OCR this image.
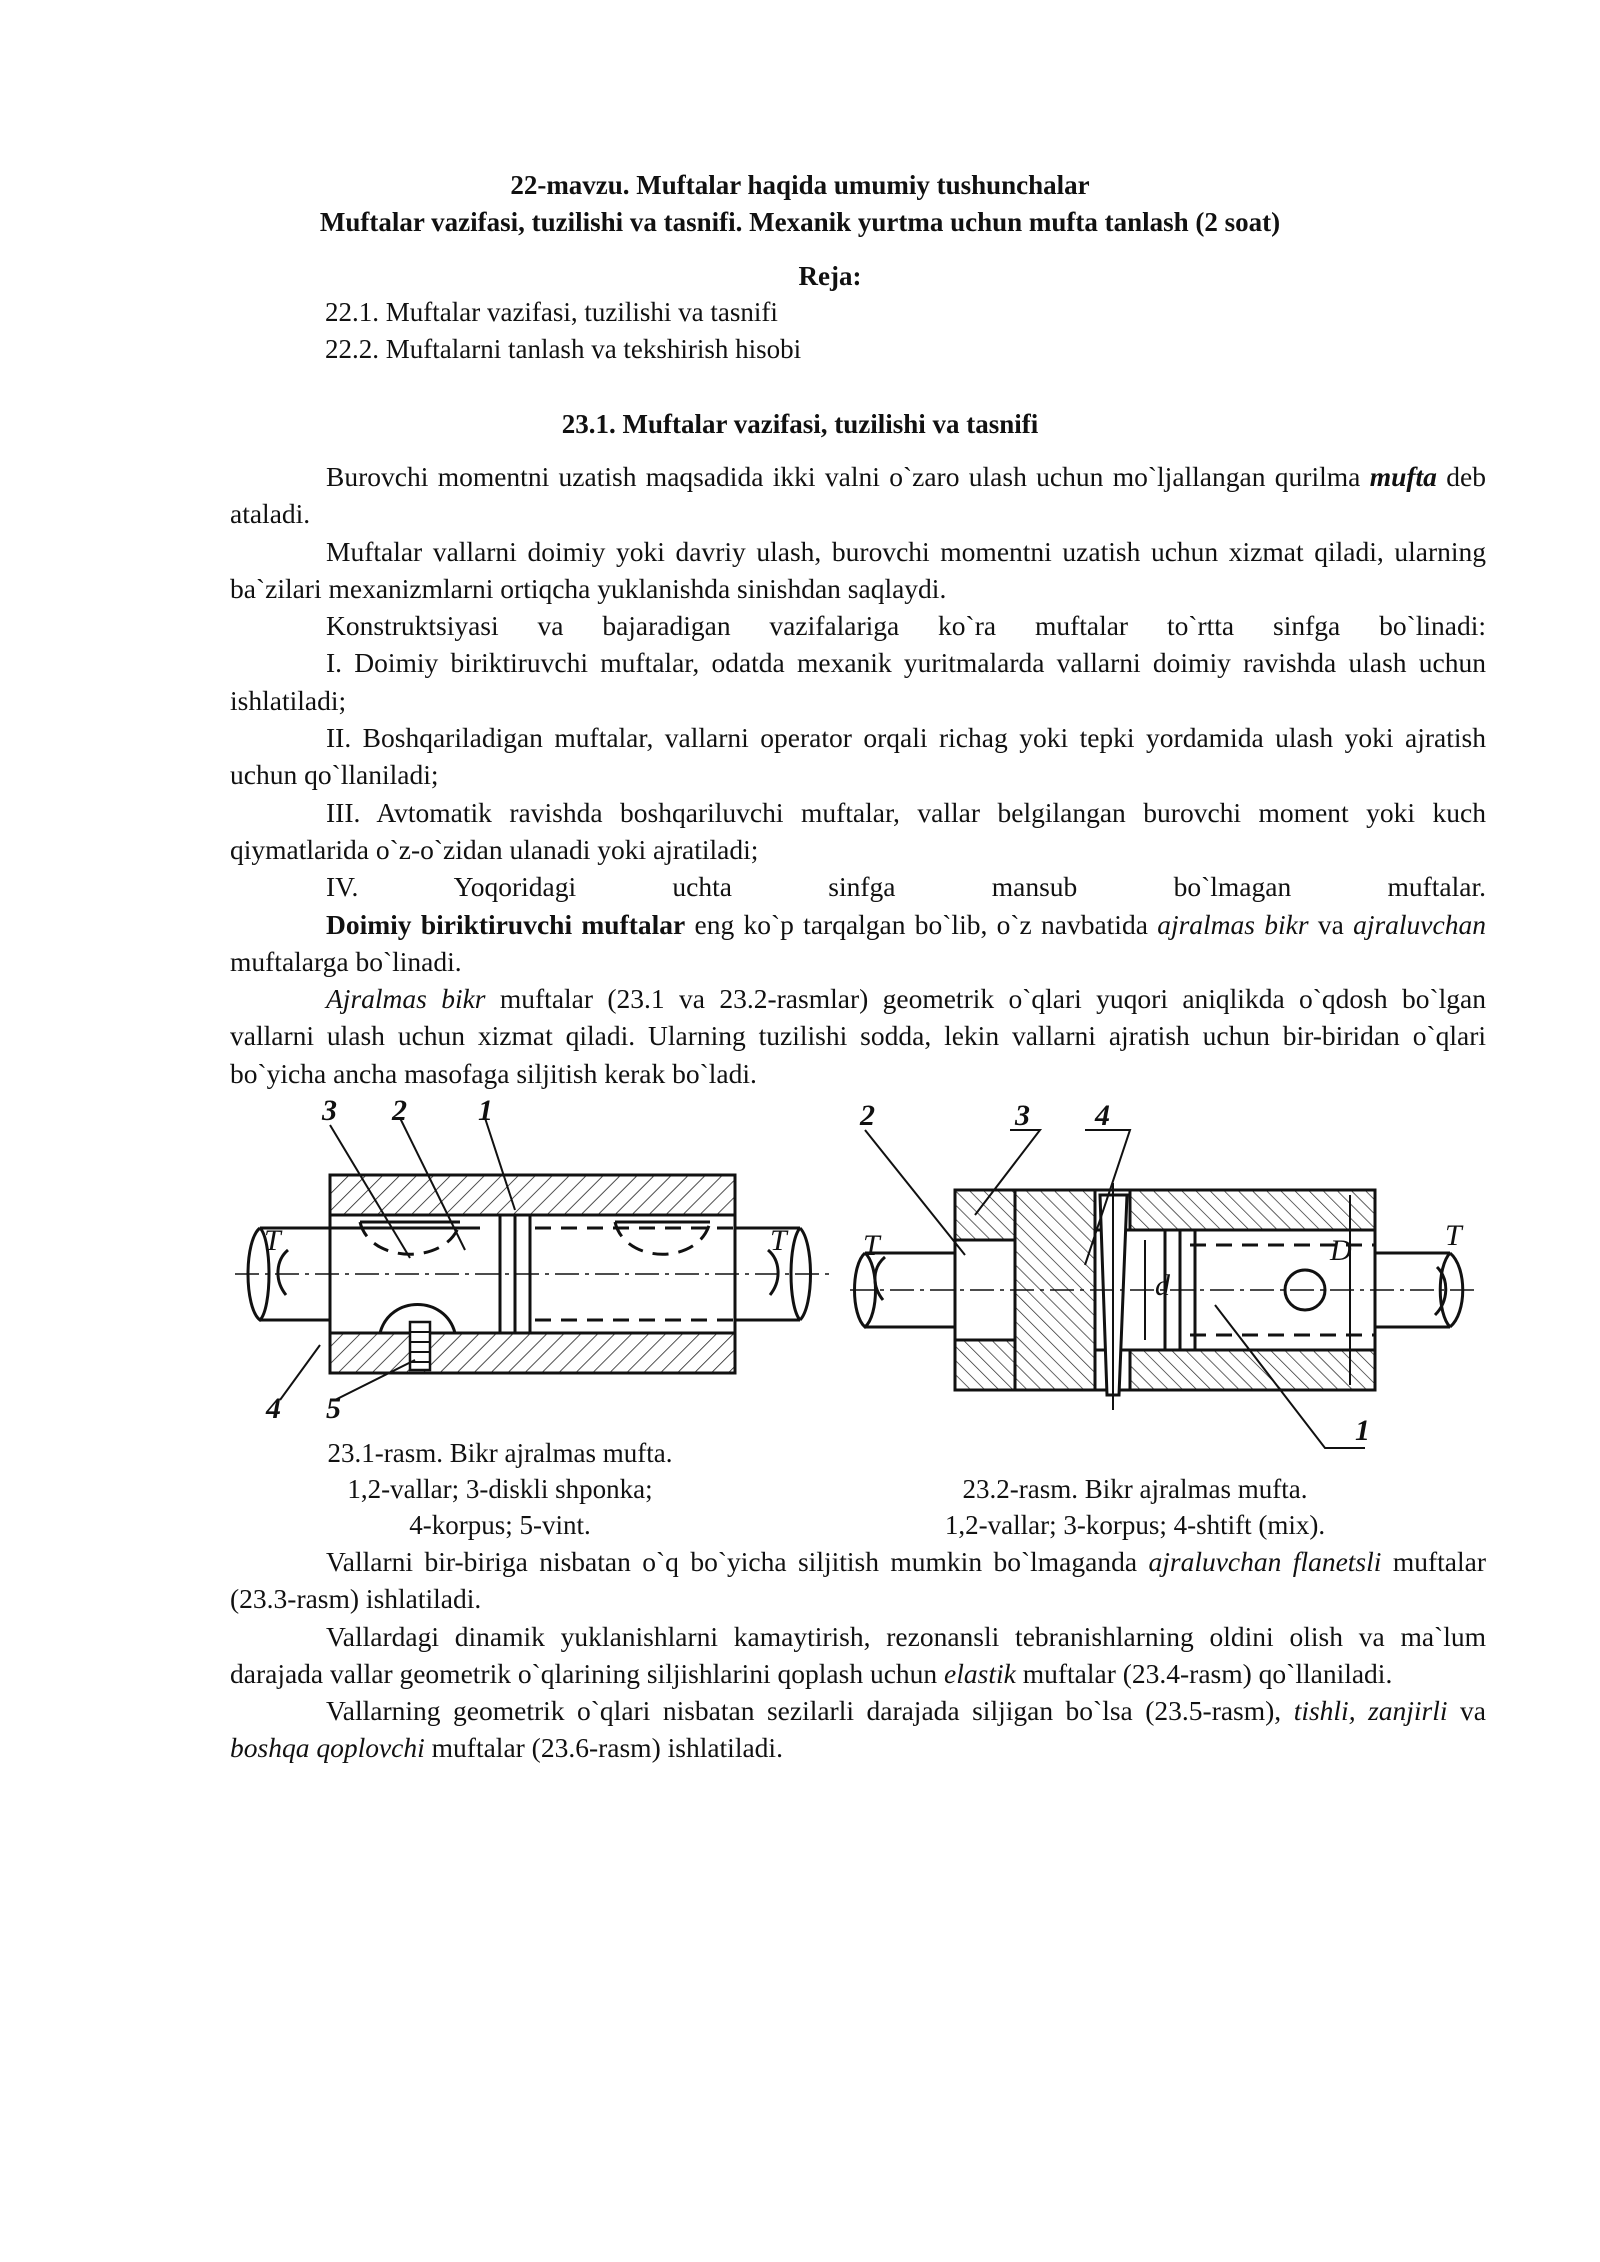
22-mavzu. Muftalar haqida umumiy tushunchalar
Muftalar vazifasi, tuzilishi va tasnifi. Mexanik yurtma uchun mufta tanlash (2 soat)
Reja:
22.1. Muftalar vazifasi, tuzilishi va tasnifi
22.2. Muftalarni tanlash va tekshirish hisobi
23.1. Muftalar vazifasi, tuzilishi va tasnifi

Burovchi momentni uzatish maqsadida ikki valni o`zaro ulash uchun mo`ljallangan qurilma mufta deb ataladi.

Muftalar vallarni doimiy yoki davriy ulash, burovchi momentni uzatish uchun xizmat qiladi, ularning ba`zilari mexanizmlarni ortiqcha yuklanishda sinishdan saqlaydi.

Konstruktsiyasi va bajaradigan vazifalariga ko`ra muftalar to`rtta sinfga bo`linadi:

I. Doimiy biriktiruvchi muftalar, odatda mexanik yuritmalarda vallarni doimiy ravishda ulash uchun ishlatiladi;

II. Boshqariladigan muftalar, vallarni operator orqali richag yoki tepki yordamida ulash yoki ajratish uchun qo`llaniladi;

III. Avtomatik ravishda boshqariluvchi muftalar, vallar belgilangan burovchi moment yoki kuch qiymatlarida o`z-o`zidan ulanadi yoki ajratiladi;

IV. Yoqoridagi uchta sinfga mansub bo`lmagan muftalar.

Doimiy biriktiruvchi muftalar eng ko`p tarqalgan bo`lib, o`z navbatida ajralmas bikr va ajraluvchan muftalarga bo`linadi.

Ajralmas bikr muftalar (23.1 va 23.2-rasmlar) geometrik o`qlari yuqori aniqlikda o`qdosh bo`lgan vallarni ulash uchun xizmat qiladi. Ularning tuzilishi sodda, lekin vallarni ajratish uchun bir-biridan o`qlari bo`yicha ancha masofaga siljitish kerak bo`ladi.

3 2 1
4 5
T	T
d
D
2	3 4
1
T	T
23.1-rasm. Bikr ajralmas mufta.
1,2-vallar; 3-diskli shponka;
4-korpus; 5-vint.
23.2-rasm. Bikr ajralmas mufta.
1,2-vallar; 3-korpus; 4-shtift (mix).

Vallarni bir-biriga nisbatan o`q bo`yicha siljitish mumkin bo`lmaganda ajraluvchan flanetsli muftalar (23.3-rasm) ishlatiladi.

Vallardagi dinamik yuklanishlarni kamaytirish, rezonansli tebranishlarning oldini olish va ma`lum darajada vallar geometrik o`qlarining siljishlarini qoplash uchun elastik muftalar (23.4-rasm) qo`llaniladi.

Vallarning geometrik o`qlari nisbatan sezilarli darajada siljigan bo`lsa (23.5-rasm), tishli, zanjirli va boshqa qoplovchi muftalar (23.6-rasm) ishlatiladi.
